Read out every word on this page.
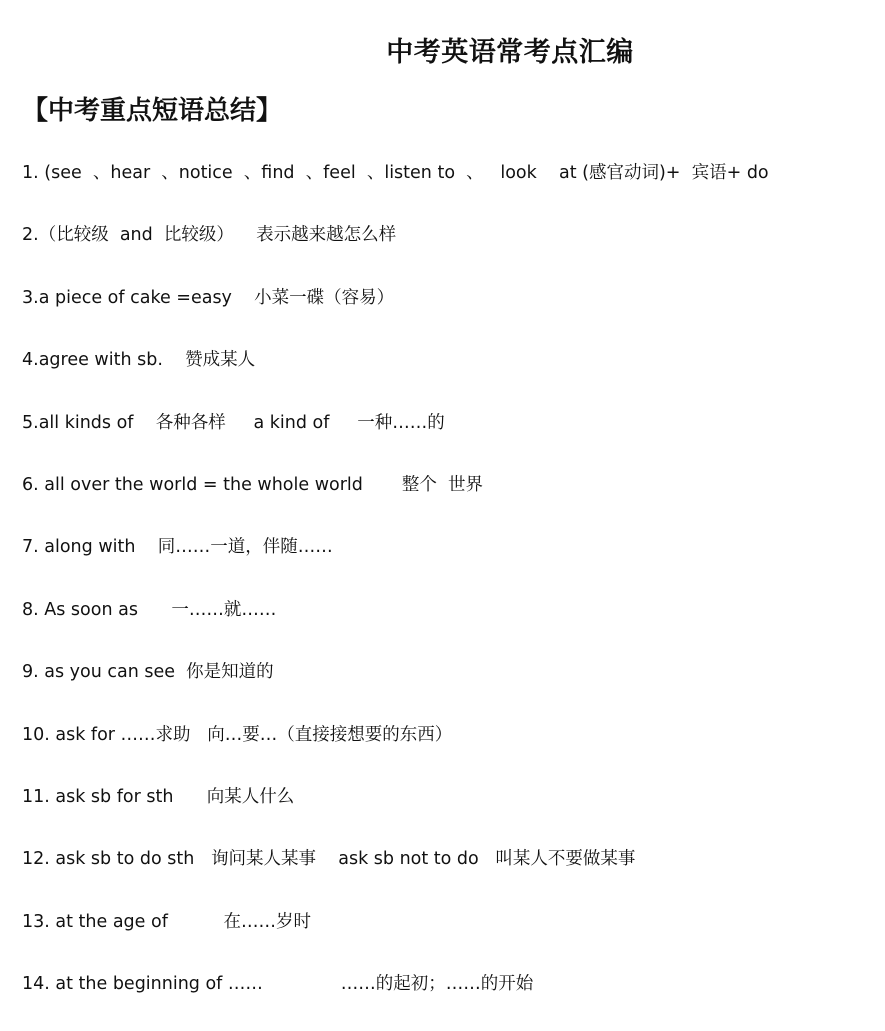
中考英语常考点汇编
【中考重点短语总结】
1. (see  、hear  、notice  、find  、feel  、listen to  、   look    at (感官动词)+  宾语+ do
2.（比较级  and  比较级）    表示越来越怎么样
3.a piece of cake =easy    小菜一碟（容易）
4.agree with sb.    赞成某人
5.all kinds of    各种各样     a kind of     一种……的
6. all over the world = the whole world       整个  世界
7. along with    同……一道，伴随……
8. As soon as      一……就……
9. as you can see  你是知道的
10. ask for ……求助   向…要…（直接接想要的东西）
11. ask sb for sth      向某人什么
12. ask sb to do sth   询问某人某事    ask sb not to do   叫某人不要做某事
13. at the age of          在……岁时
14. at the beginning of ……              ……的起初；……的开始
